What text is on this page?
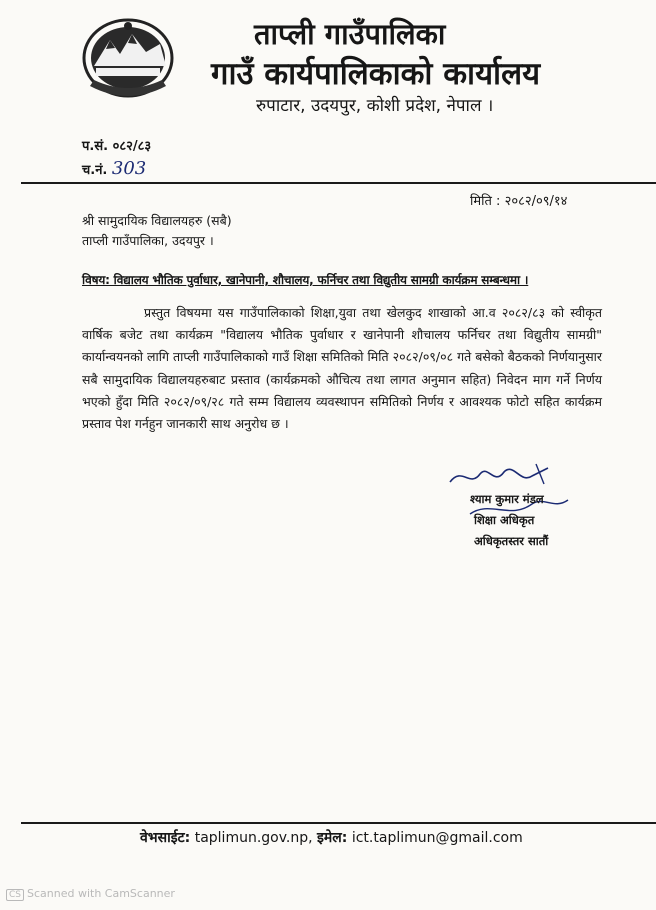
ताप्ली गाउँपालिका
गाउँ कार्यपालिकाको कार्यालय
रुपाटार, उदयपुर, कोशी प्रदेश, नेपाल ।
प.सं. ०८२/८३
च.नं. 303
मिति : २०८२/०९/१४
श्री सामुदायिक विद्यालयहरु (सबै)
ताप्ली गाउँपालिका, उदयपुर ।
विषय: विद्यालय भौतिक पुर्वाधार, खानेपानी, शौचालय, फर्निचर तथा विद्युतीय सामग्री कार्यक्रम सम्बन्धमा ।
प्रस्तुत विषयमा यस गाउँपालिकाको शिक्षा,युवा तथा खेलकुद शाखाको आ.व २०८२/८३ को स्वीकृत वार्षिक बजेट तथा कार्यक्रम "विद्यालय भौतिक पुर्वाधार र खानेपानी शौचालय फर्निचर तथा विद्युतीय सामग्री" कार्यान्वयनको लागि ताप्ली गाउँपालिकाको गाउँ शिक्षा समितिको मिति २०८२/०९/०८ गते बसेको बैठकको निर्णयानुसार सबै सामुदायिक विद्यालयहरुबाट प्रस्ताव (कार्यक्रमको औचित्य तथा लागत अनुमान सहित) निवेदन माग गर्ने निर्णय भएको हुँदा मिति २०८२/०९/२८ गते सम्म विद्यालय व्यवस्थापन समितिको निर्णय र आवश्यक फोटो सहित कार्यक्रम प्रस्ताव पेश गर्नहुन जानकारी साथ अनुरोध छ ।
श्याम कुमार मंडल
शिक्षा अधिकृत
अधिकृतस्तर सातौं
वेभसाईट: taplimun.gov.np, इमेल: ict.taplimun@gmail.com
CS Scanned with CamScanner
